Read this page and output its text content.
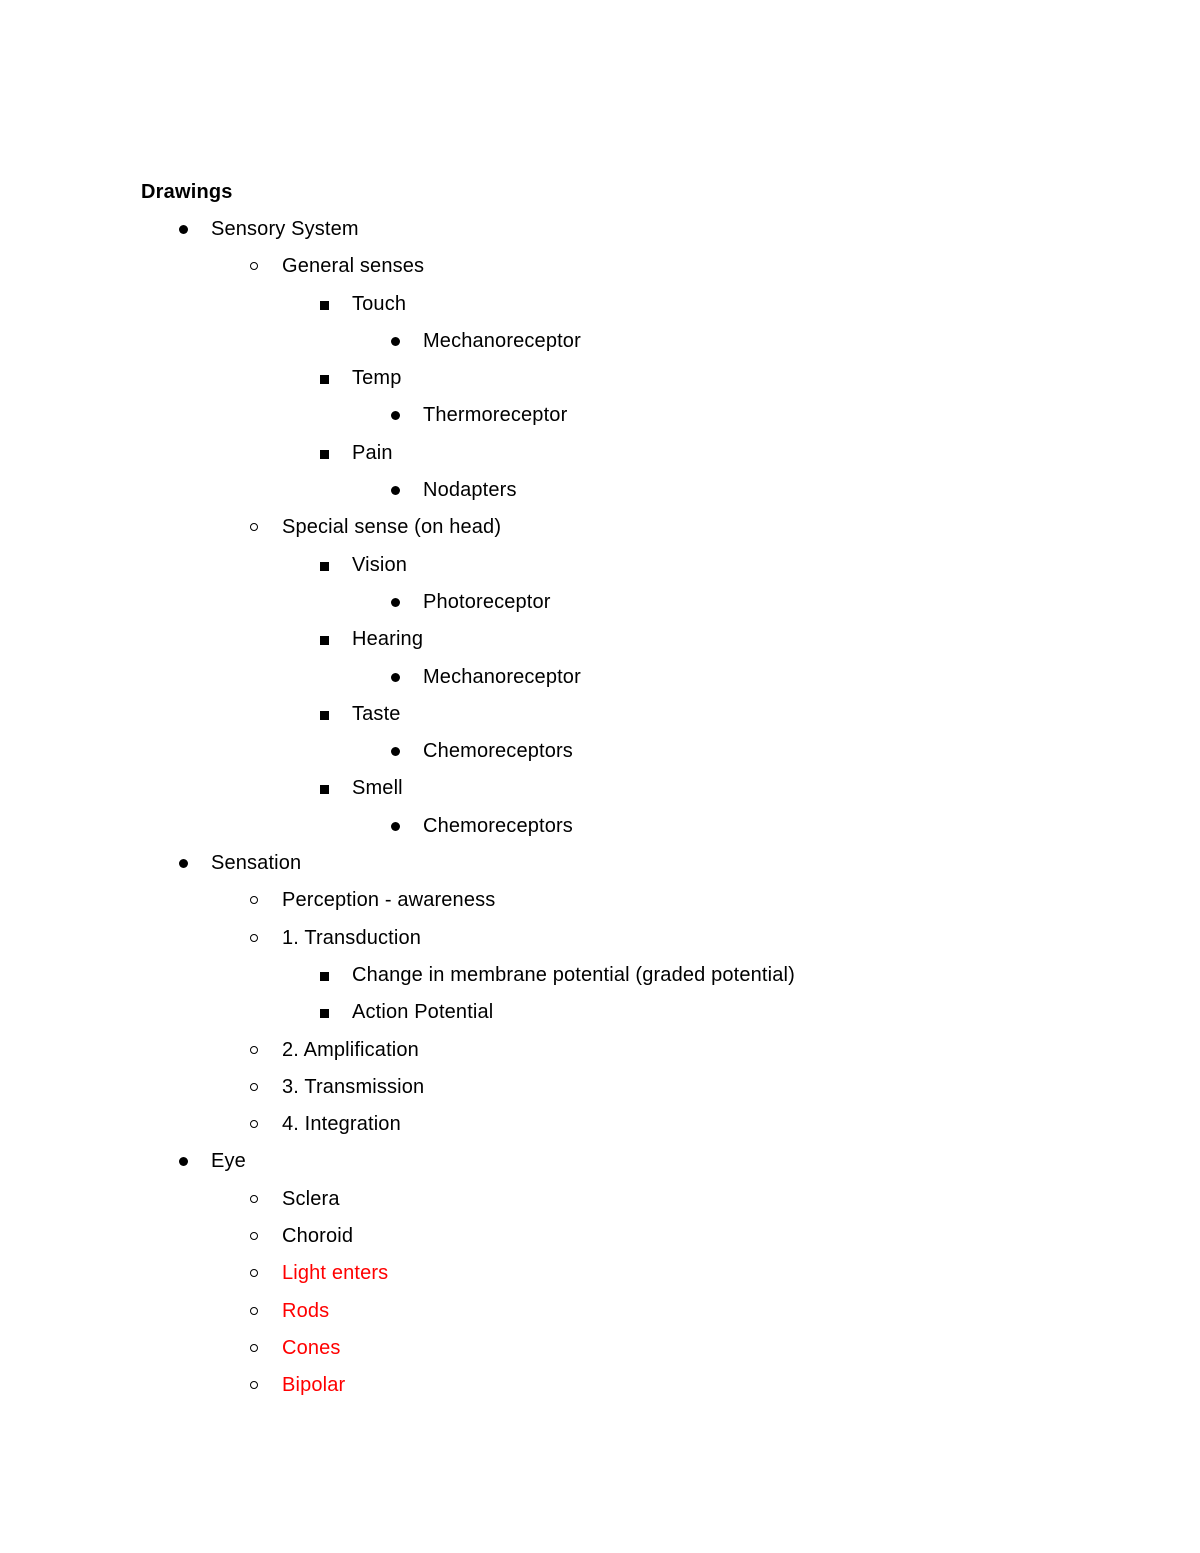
Drawings
Sensory System
General senses
Touch
Mechanoreceptor
Temp
Thermoreceptor
Pain
Nodapters
Special sense (on head)
Vision
Photoreceptor
Hearing
Mechanoreceptor
Taste
Chemoreceptors
Smell
Chemoreceptors
Sensation
Perception - awareness
1. Transduction
Change in membrane potential (graded potential)
Action Potential
2. Amplification
3. Transmission
4. Integration
Eye
Sclera
Choroid
Light enters
Rods
Cones
Bipolar
